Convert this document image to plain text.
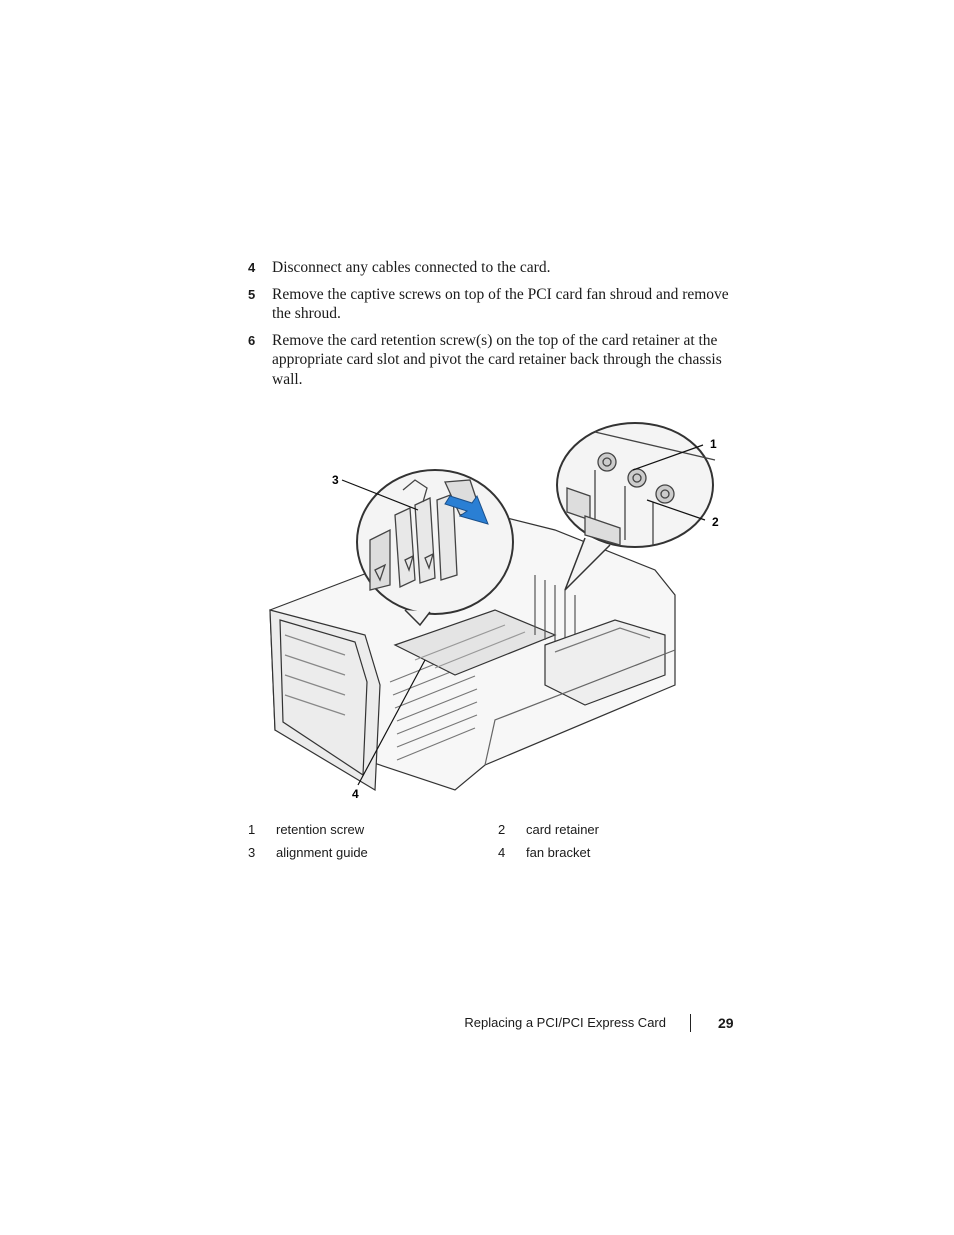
4 Disconnect any cables connected to the card.
5 Remove the captive screws on top of the PCI card fan shroud and remove the shroud.
6 Remove the card retention screw(s) on the top of the card retainer at the appropriate card slot and pivot the card retainer back through the chassis wall.
1
2
3
4
1 retention screw	2 card retainer
3 alignment guide	4 fan bracket
Replacing a PCI/PCI Express Card	29
